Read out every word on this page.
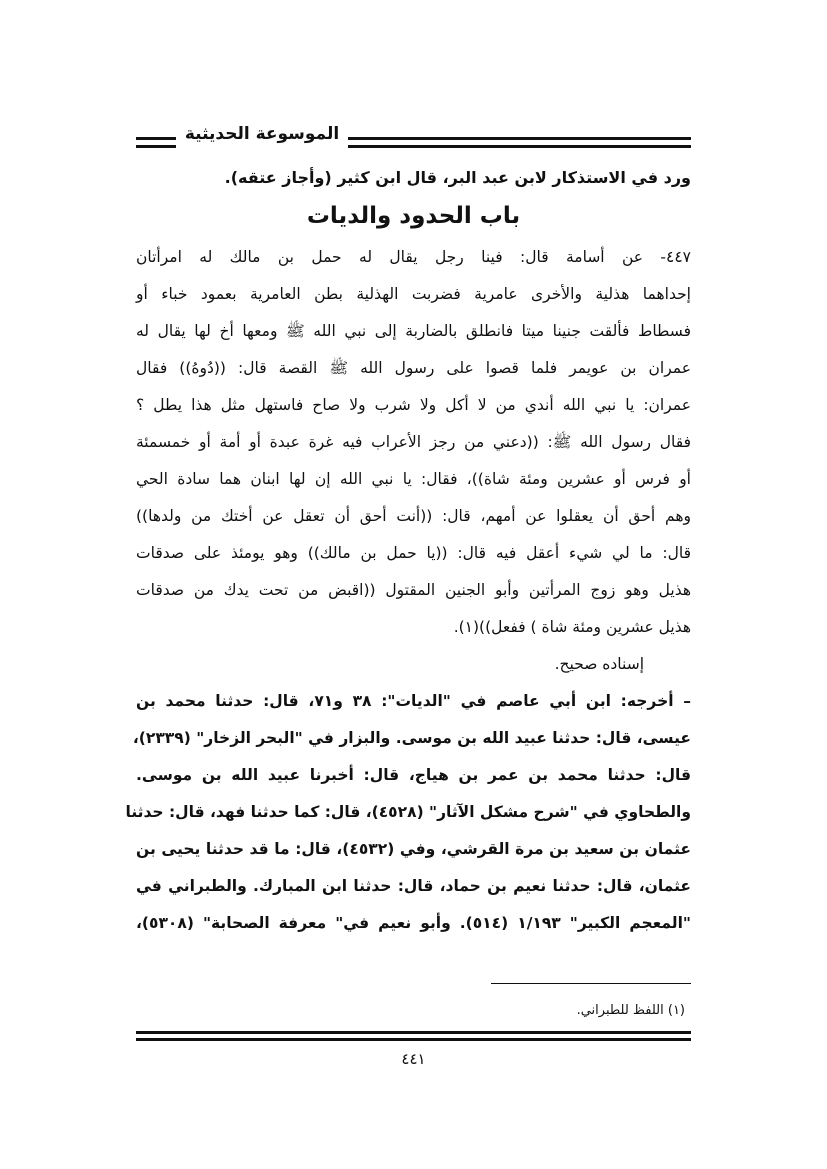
الموسوعة الحديثية
ورد في الاستذكار لابن عبد البر، قال ابن كثير (وأجاز عتقه).
باب الحدود والديات
٤٤٧- عن أسامة قال: فينا رجل يقال له حمل بن مالك له امرأتان
إحداهما هذلية والأخرى عامرية فضربت الهذلية بطن العامرية بعمود خباء أو
فسطاط فألقت جنينا ميتا فانطلق بالضاربة إلى نبي الله ﷺ ومعها أخ لها يقال له
عمران بن عويمر فلما قصوا على رسول الله ﷺ القصة قال: ((دُوهُ)) فقال
عمران: يا نبي الله أندي من لا أكل ولا شرب ولا صاح فاستهل مثل هذا يطل ؟
فقال رسول الله ﷺ: ((دعني من رجز الأعراب فيه غرة عبدة أو أمة أو خمسمئة
أو فرس أو عشرين ومئة شاة))، فقال: يا نبي الله إن لها ابنان هما سادة الحي
وهم أحق أن يعقلوا عن أمهم، قال: ((أنت أحق أن تعقل عن أختك من ولدها))
قال: ما لي شيء أعقل فيه قال: ((يا حمل بن مالك)) وهو يومئذ على صدقات
هذيل وهو زوج المرأتين وأبو الجنين المقتول ((اقبض من تحت يدك من صدقات
هذيل عشرين ومئة شاة ) ففعل))(١).
إسناده صحيح.
– أخرجه: ابن أبي عاصم في "الديات": ٣٨ و٧١، قال: حدثنا محمد بن
عيسى، قال: حدثنا عبيد الله بن موسى. والبزار في "البحر الزخار" (٢٣٣٩)،
قال: حدثنا محمد بن عمر بن هياج، قال: أخبرنا عبيد الله بن موسى.
والطحاوي في "شرح مشكل الآثار" (٤٥٢٨)، قال: كما حدثنا فهد، قال: حدثنا
عثمان بن سعيد بن مرة القرشي، وفي (٤٥٣٢)، قال: ما قد حدثنا يحيى بن
عثمان، قال: حدثنا نعيم بن حماد، قال: حدثنا ابن المبارك. والطبراني في
"المعجم الكبير" ١/١٩٣ (٥١٤). وأبو نعيم في" معرفة الصحابة" (٥٣٠٨)،
(١) اللفظ للطبراني.
٤٤١
